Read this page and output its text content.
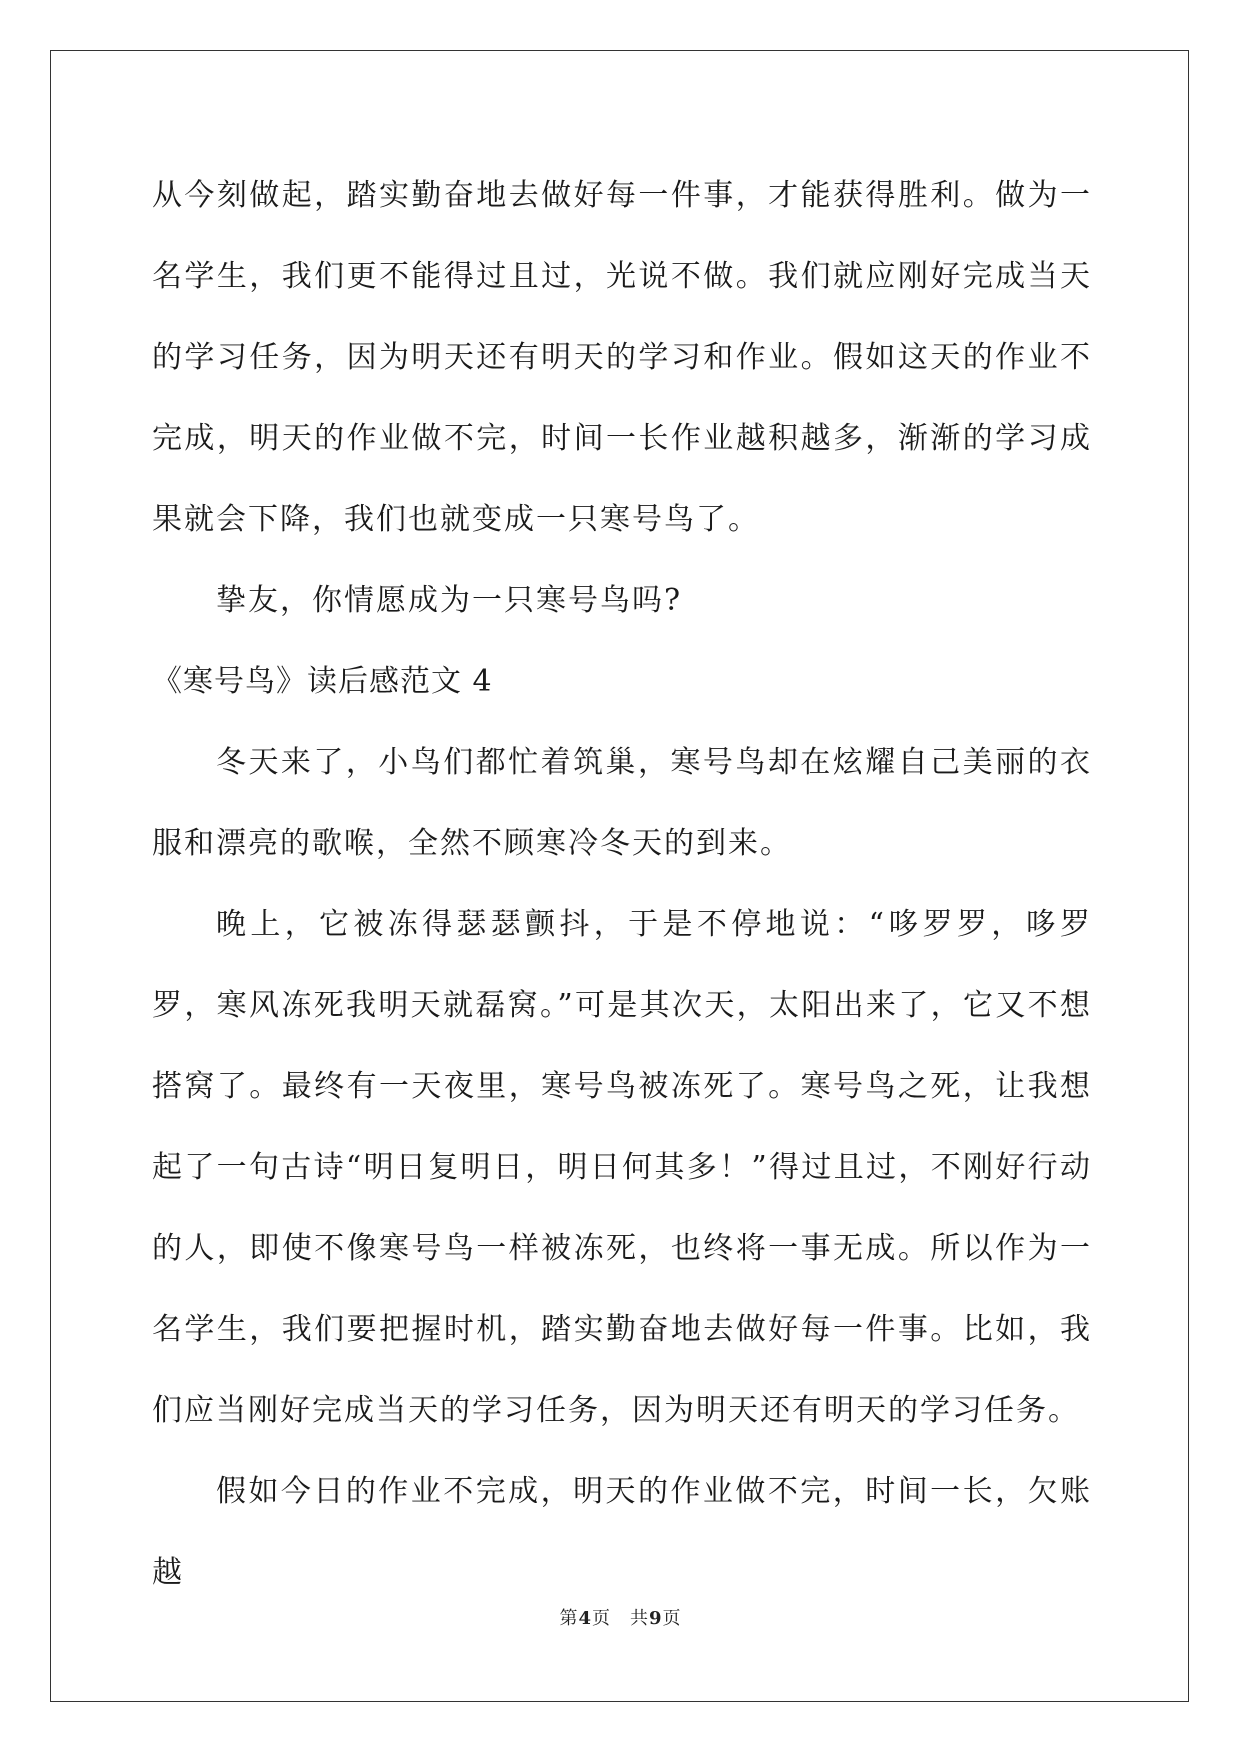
从今刻做起，踏实勤奋地去做好每一件事，才能获得胜利。做为一名学生，我们更不能得过且过，光说不做。我们就应刚好完成当天的学习任务，因为明天还有明天的学习和作业。假如这天的作业不完成，明天的作业做不完，时间一长作业越积越多，渐渐的学习成果就会下降，我们也就变成一只寒号鸟了。

挚友，你情愿成为一只寒号鸟吗?

《寒号鸟》读后感范文 4

冬天来了，小鸟们都忙着筑巢，寒号鸟却在炫耀自己美丽的衣服和漂亮的歌喉，全然不顾寒冷冬天的到来。

晚上，它被冻得瑟瑟颤抖，于是不停地说：“哆罗罗，哆罗罗，寒风冻死我明天就磊窝。”可是其次天，太阳出来了，它又不想搭窝了。最终有一天夜里，寒号鸟被冻死了。寒号鸟之死，让我想起了一句古诗“明日复明日，明日何其多！”得过且过，不刚好行动的人，即使不像寒号鸟一样被冻死，也终将一事无成。所以作为一名学生，我们要把握时机，踏实勤奋地去做好每一件事。比如，我们应当刚好完成当天的学习任务，因为明天还有明天的学习任务。

假如今日的作业不完成，明天的作业做不完，时间一长，欠账越

第4页　共9页
